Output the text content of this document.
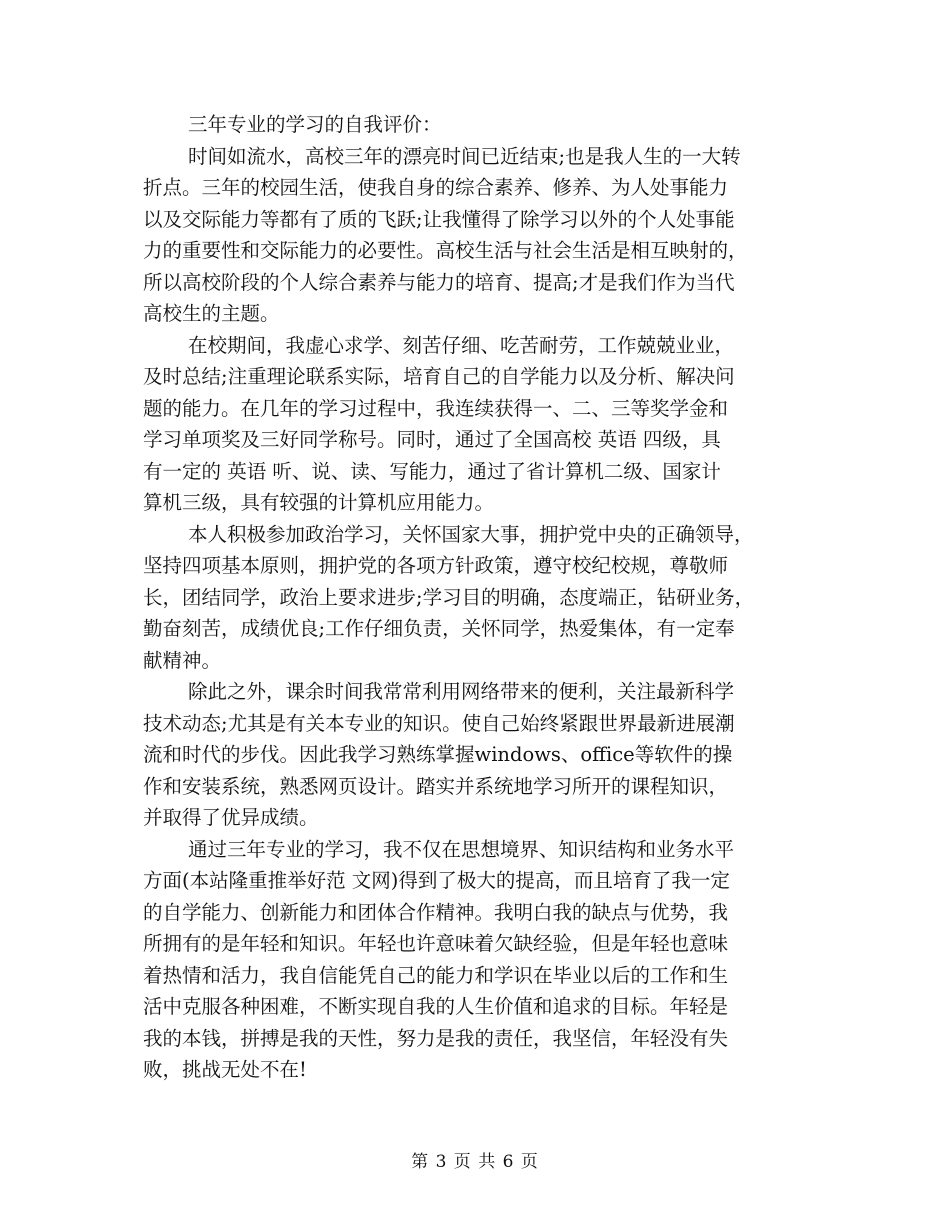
三年专业的学习的自我评价：

时间如流水，高校三年的漂亮时间已近结束;也是我人生的一大转
折点。三年的校园生活，使我自身的综合素养、修养、为人处事能力
以及交际能力等都有了质的飞跃;让我懂得了除学习以外的个人处事能
力的重要性和交际能力的必要性。高校生活与社会生活是相互映射的，
所以高校阶段的个人综合素养与能力的培育、提高;才是我们作为当代
高校生的主题。

在校期间，我虚心求学、刻苦仔细、吃苦耐劳，工作兢兢业业，
及时总结;注重理论联系实际，培育自己的自学能力以及分析、解决问
题的能力。在几年的学习过程中，我连续获得一、二、三等奖学金和
学习单项奖及三好同学称号。同时，通过了全国高校 英语 四级，具
有一定的 英语 听、说、读、写能力，通过了省计算机二级、国家计
算机三级，具有较强的计算机应用能力。

本人积极参加政治学习，关怀国家大事，拥护党中央的正确领导，
坚持四项基本原则，拥护党的各项方针政策，遵守校纪校规，尊敬师
长，团结同学，政治上要求进步;学习目的明确，态度端正，钻研业务，
勤奋刻苦，成绩优良;工作仔细负责，关怀同学，热爱集体，有一定奉
献精神。

除此之外，课余时间我常常利用网络带来的便利，关注最新科学
技术动态;尤其是有关本专业的知识。使自己始终紧跟世界最新进展潮
流和时代的步伐。因此我学习熟练掌握windows、office等软件的操
作和安装系统，熟悉网页设计。踏实并系统地学习所开的课程知识，
并取得了优异成绩。

通过三年专业的学习，我不仅在思想境界、知识结构和业务水平
方面(本站隆重推举好范 文网)得到了极大的提高，而且培育了我一定
的自学能力、创新能力和团体合作精神。我明白我的缺点与优势，我
所拥有的是年轻和知识。年轻也许意味着欠缺经验，但是年轻也意味
着热情和活力，我自信能凭自己的能力和学识在毕业以后的工作和生
活中克服各种困难，不断实现自我的人生价值和追求的目标。年轻是
我的本钱，拼搏是我的天性，努力是我的责任，我坚信，年轻没有失
败，挑战无处不在!

第 3 页 共 6 页
